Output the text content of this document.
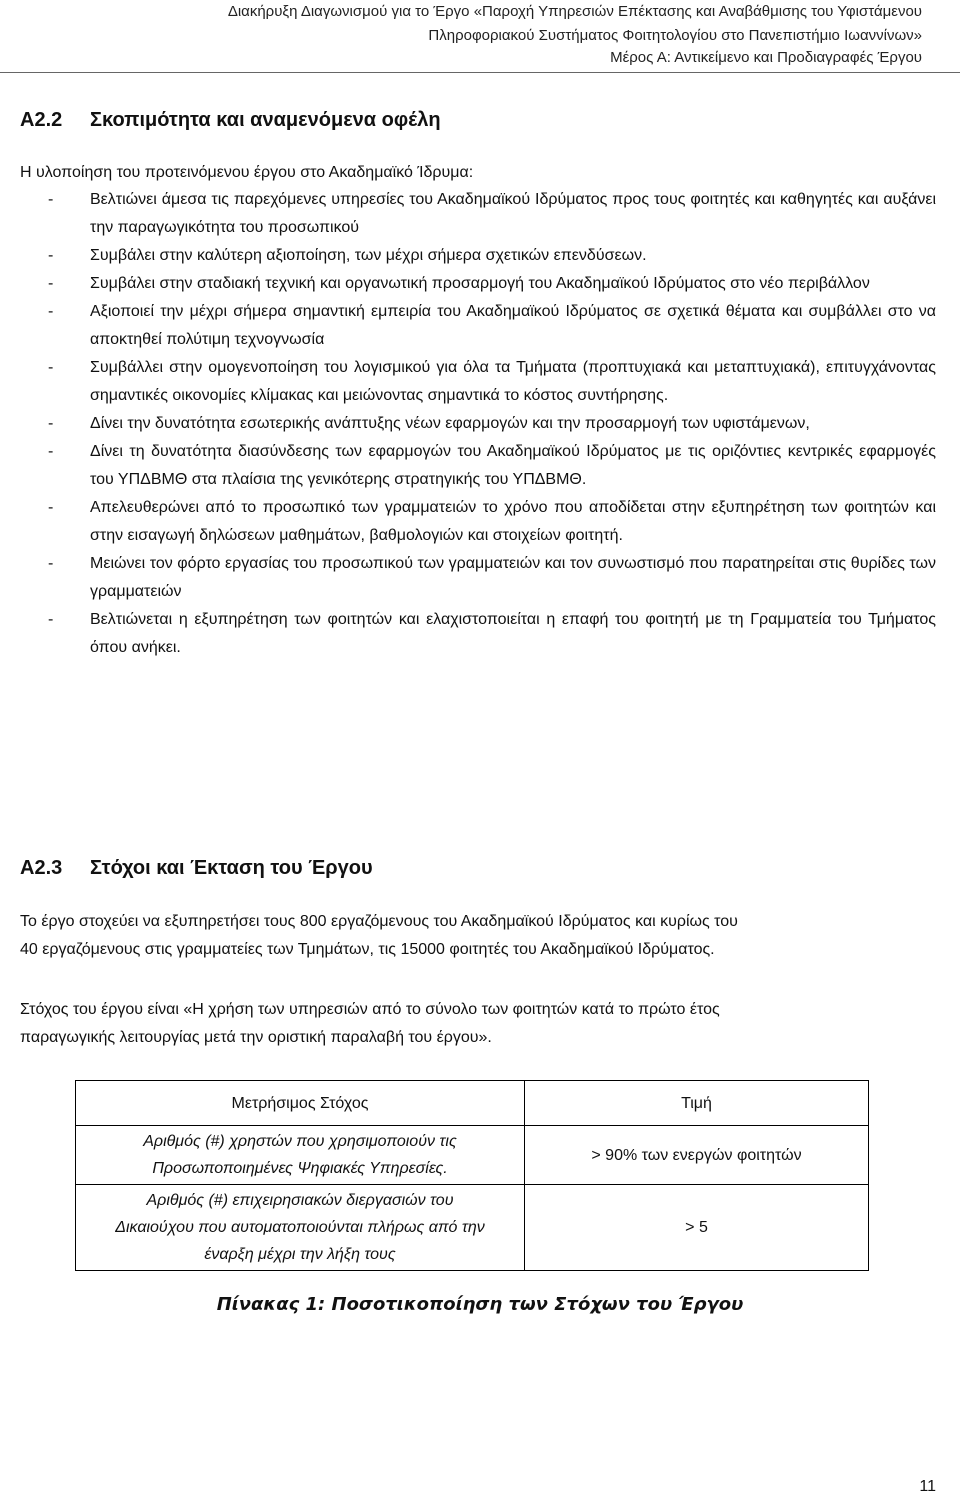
Διακήρυξη Διαγωνισμού για το Έργο «Παροχή Υπηρεσιών Επέκτασης και Αναβάθμισης του Υφιστάμενου
Πληροφοριακού Συστήματος Φοιτητολογίου στο Πανεπιστήμιο Ιωαννίνων»
Μέρος Α: Αντικείμενο και Προδιαγραφές Έργου
Α2.2 Σκοπιμότητα και αναμενόμενα οφέλη
Η υλοποίηση του προτεινόμενου έργου στο Ακαδημαϊκό Ίδρυμα:
- Βελτιώνει άμεσα τις παρεχόμενες υπηρεσίες του Ακαδημαϊκού Ιδρύματος προς τους φοιτητές και καθηγητές και αυξάνει την παραγωγικότητα του προσωπικού
- Συμβάλει στην καλύτερη αξιοποίηση, των μέχρι σήμερα σχετικών επενδύσεων.
- Συμβάλει στην σταδιακή τεχνική και οργανωτική προσαρμογή του Ακαδημαϊκού Ιδρύματος στο νέο περιβάλλον
- Αξιοποιεί την μέχρι σήμερα σημαντική εμπειρία του Ακαδημαϊκού Ιδρύματος σε σχετικά θέματα και συμβάλλει στο να αποκτηθεί πολύτιμη τεχνογνωσία
- Συμβάλλει στην ομογενοποίηση του λογισμικού για όλα τα Τμήματα (προπτυχιακά και μεταπτυχιακά), επιτυγχάνοντας σημαντικές οικονομίες κλίμακας και μειώνοντας σημαντικά το κόστος συντήρησης.
- Δίνει την δυνατότητα εσωτερικής ανάπτυξης νέων εφαρμογών και την προσαρμογή των υφιστάμενων,
- Δίνει τη δυνατότητα διασύνδεσης των εφαρμογών του Ακαδημαϊκού Ιδρύματος με τις οριζόντιες κεντρικές εφαρμογές του ΥΠΔΒΜΘ στα πλαίσια της γενικότερης στρατηγικής του ΥΠΔΒΜΘ.
- Απελευθερώνει από το προσωπικό των γραμματειών το χρόνο που αποδίδεται στην εξυπηρέτηση των φοιτητών και στην εισαγωγή δηλώσεων μαθημάτων, βαθμολογιών και στοιχείων φοιτητή.
- Μειώνει τον φόρτο εργασίας του προσωπικού των γραμματειών και τον συνωστισμό που παρατηρείται στις θυρίδες των γραμματειών
- Βελτιώνεται η εξυπηρέτηση των φοιτητών και ελαχιστοποιείται η επαφή του φοιτητή με τη Γραμματεία του Τμήματος όπου ανήκει.
Α2.3 Στόχοι και Έκταση του Έργου
Το έργο στοχεύει να εξυπηρετήσει τους 800 εργαζόμενους του Ακαδημαϊκού Ιδρύματος και κυρίως του
40 εργαζόμενους στις γραμματείες των Τμημάτων, τις 15000 φοιτητές του Ακαδημαϊκού Ιδρύματος.
Στόχος του έργου είναι «Η χρήση των υπηρεσιών από το σύνολο των φοιτητών κατά το πρώτο έτος
παραγωγικής λειτουργίας μετά την οριστική παραλαβή του έργου».
Μετρήσιμος Στόχος	Τιμή

Αριθμός (#) χρηστών που χρησιμοποιούν τις
Προσωποποιημένες Ψηφιακές Υπηρεσίες.	> 90% των ενεργών φοιτητών

Αριθμός (#) επιχειρησιακών διεργασιών του
Δικαιούχου που αυτοματοποιούνται πλήρως από την
έναρξη μέχρι την λήξη τους	> 5
Πίνακας 1: Ποσοτικοποίηση των Στόχων του Έργου
11
